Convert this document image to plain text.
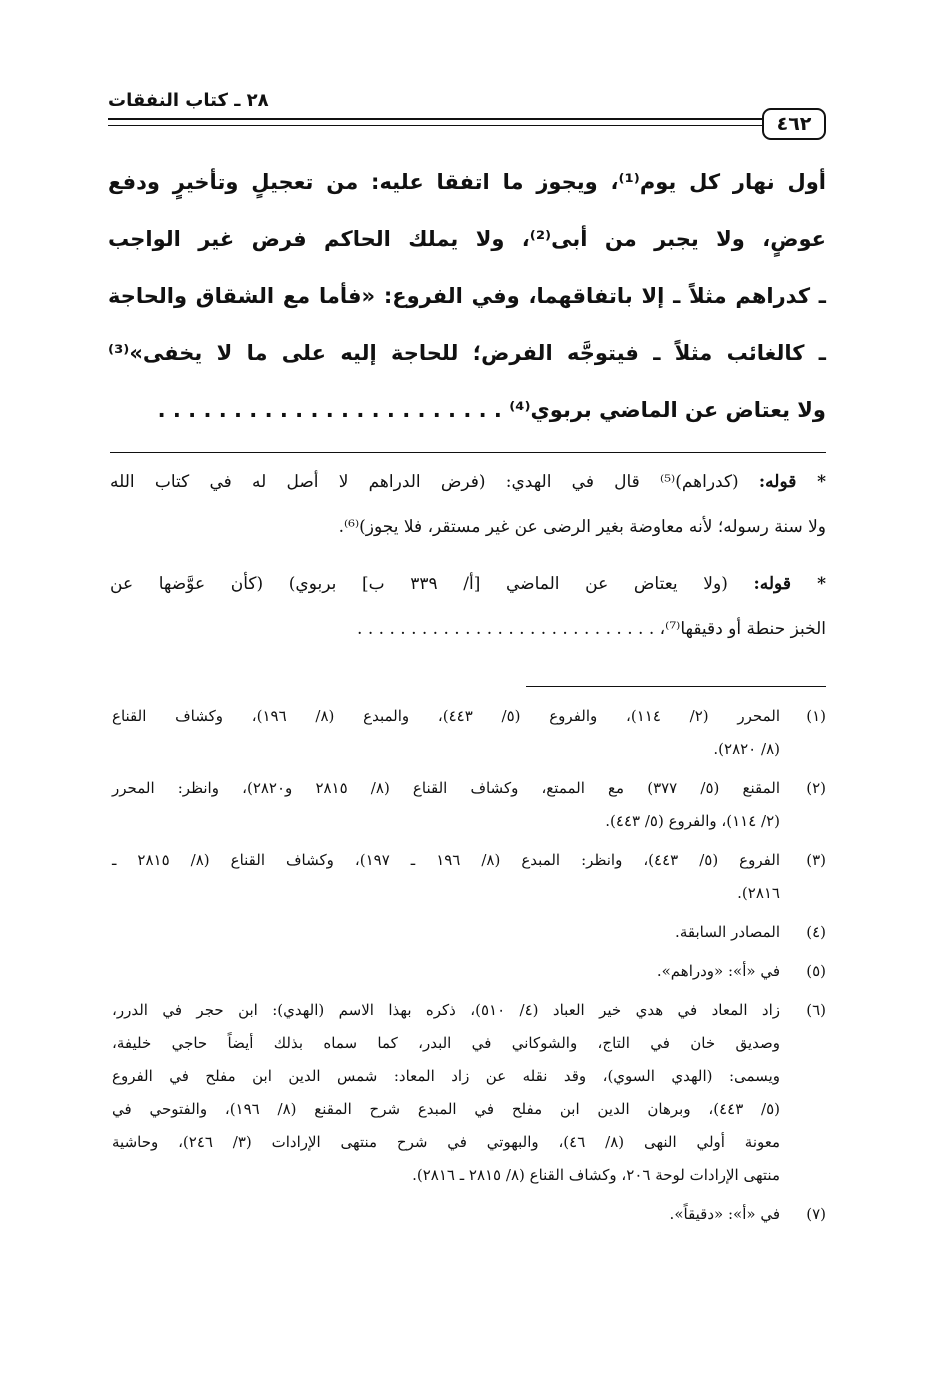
٤٦٢
٢٨ ـ كتاب النفقات
أول نهار كل يوم⁽¹⁾، ويجوز ما اتفقا عليه: من تعجيلٍ وتأخيرٍ ودفع
عوضٍ، ولا يجبر من أبى⁽²⁾، ولا يملك الحاكم فرض غير الواجب
ـ كدراهم مثلاً ـ إلا باتفاقهما، وفي الفروع: «فأما مع الشقاق والحاجة
ـ كالغائب مثلاً ـ فيتوجَّه الفرض؛ للحاجة إليه على ما لا يخفى»⁽³⁾
ولا يعتاض عن الماضي بربوي⁽⁴⁾ . . . . . . . . . . . . . . . . . . . . . . .
* قوله: (كدراهم)⁽⁵⁾ قال في الهدي: (فرض الدراهم لا أصل له في كتاب الله
ولا سنة رسوله؛ لأنه معاوضة بغير الرضى عن غير مستقر، فلا يجوز)⁽⁶⁾.
* قوله: (ولا يعتاض عن الماضي [أ/ ٣٣٩ ب] بربوي) (كأن عوَّضها عن
الخبز حنطة أو دقيقها⁽⁷⁾، . . . . . . . . . . . . . . . . . . . . . . . . . . . .
(١)
المحرر (٢/ ١١٤)، والفروع (٥/ ٤٤٣)، والمبدع (٨/ ١٩٦)، وكشاف القناع
(٨/ ٢٨٢٠).
(٢)
المقنع (٥/ ٣٧٧) مع الممتع، وكشاف القناع (٨/ ٢٨١٥ و٢٨٢٠)، وانظر: المحرر
(٢/ ١١٤)، والفروع (٥/ ٤٤٣).
(٣)
الفروع (٥/ ٤٤٣)، وانظر: المبدع (٨/ ١٩٦ ـ ١٩٧)، وكشاف القناع (٨/ ٢٨١٥ ـ
٢٨١٦).
(٤)
المصادر السابقة.
(٥)
في «أ»: «ودراهم».
(٦)
زاد المعاد في هدي خير العباد (٤/ ٥١٠)، ذكره بهذا الاسم (الهدي): ابن حجر في الدرر،
وصديق خان في التاج، والشوكاني في البدر، كما سماه بذلك أيضاً حاجي خليفة،
ويسمى: (الهدي السوي)، وقد نقله عن زاد المعاد: شمس الدين ابن مفلح في الفروع
(٥/ ٤٤٣)، وبرهان الدين ابن مفلح في المبدع شرح المقنع (٨/ ١٩٦)، والفتوحي في
معونة أولي النهى (٨/ ٤٦)، والبهوتي في شرح منتهى الإرادات (٣/ ٢٤٦)، وحاشية
منتهى الإرادات لوحة ٢٠٦، وكشاف القناع (٨/ ٢٨١٥ ـ ٢٨١٦).
(٧)
في «أ»: «دقيقاً».
